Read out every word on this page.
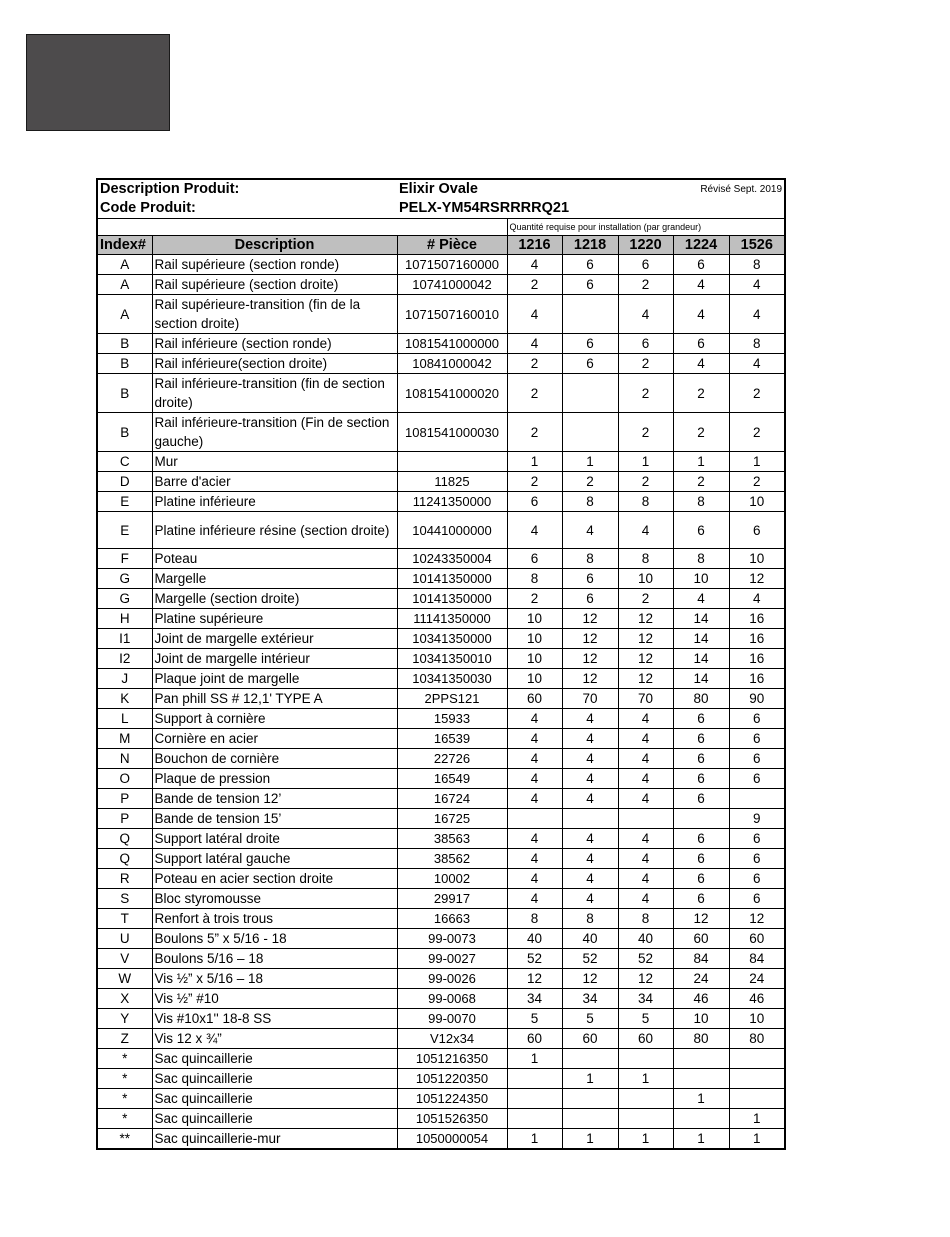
Description Produit:		Elixir Ovale			Révisé Sept. 2019		
Code Produit:		PELX-YM54RSRRRRQ21					
			Quantité requise pour installation (par grandeur)				
Index#	Description	# Pièce	1216	1218	1220	1224	1526
A	Rail supérieure (section ronde)	1071507160000	4	6	6	6	8
A	Rail supérieure (section droite)	10741000042	2	6	2	4	4
A	Rail supérieure-transition (fin de la section droite)	1071507160010	4		4	4	4
B	Rail inférieure (section ronde)	1081541000000	4	6	6	6	8
B	Rail inférieure(section droite)	10841000042	2	6	2	4	4
B	Rail inférieure-transition (fin de section droite)	1081541000020	2		2	2	2
B	Rail inférieure-transition (Fin de section gauche)	1081541000030	2		2	2	2
C	Mur		1	1	1	1	1
D	Barre d'acier	11825	2	2	2	2	2
E	Platine inférieure	11241350000	6	8	8	8	10
E	Platine inférieure résine (section droite)	10441000000	4	4	4	6	6
F	Poteau	10243350004	6	8	8	8	10
G	Margelle	10141350000	8	6	10	10	12
G	Margelle (section droite)	10141350000	2	6	2	4	4
H	Platine supérieure	11141350000	10	12	12	14	16
I1	Joint de margelle extérieur	10341350000	10	12	12	14	16
I2	Joint de margelle intérieur	10341350010	10	12	12	14	16
J	Plaque joint de margelle	10341350030	10	12	12	14	16
K	Pan phill SS # 12,1' TYPE A	2PPS121	60	70	70	80	90
L	Support à cornière	15933	4	4	4	6	6
M	Cornière en acier	16539	4	4	4	6	6
N	Bouchon de cornière	22726	4	4	4	6	6
O	Plaque de pression	16549	4	4	4	6	6
P	Bande de tension 12’	16724	4	4	4	6	
P	Bande de tension 15’	16725					9
Q	Support latéral droite	38563	4	4	4	6	6
Q	Support latéral gauche	38562	4	4	4	6	6
R	Poteau en acier section droite	10002	4	4	4	6	6
S	Bloc styromousse	29917	4	4	4	6	6
T	Renfort à trois trous	16663	8	8	8	12	12
U	Boulons 5” x 5/16 - 18	99-0073	40	40	40	60	60
V	Boulons 5/16 – 18	99-0027	52	52	52	84	84
W	Vis ½” x 5/16 – 18	99-0026	12	12	12	24	24
X	Vis ½” #10	99-0068	34	34	34	46	46
Y	Vis #10x1'' 18-8 SS	99-0070	5	5	5	10	10
Z	Vis 12 x ¾”	V12x34	60	60	60	80	80
*	Sac quincaillerie	1051216350	1				
*	Sac quincaillerie	1051220350		1	1		
*	Sac quincaillerie	1051224350				1	
*	Sac quincaillerie	1051526350					1
**	Sac quincaillerie-mur	1050000054	1	1	1	1	1
